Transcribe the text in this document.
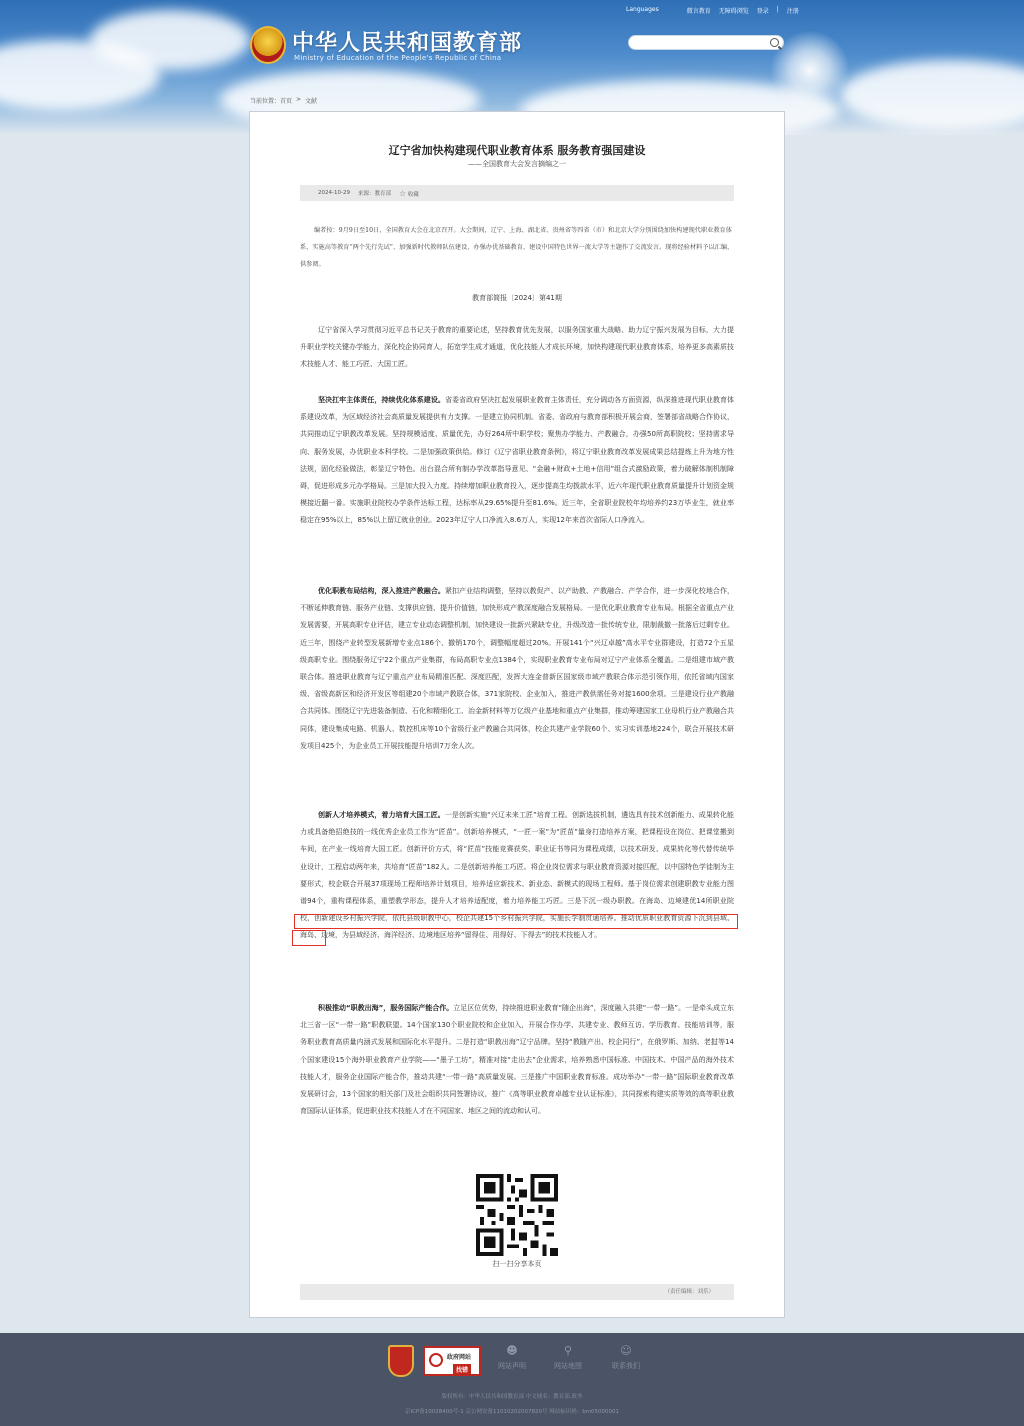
中华人民共和国教育部
Ministry of Education of the People's Republic of China
Languages	微言教育 无障碍浏览 登录 | 注册
当前位置：首页 > 文献
辽宁省加快构建现代职业教育体系 服务教育强国建设
——全国教育大会发言摘编之一
2024-10-29 来源：教育部 ☆ 收藏
编者按：9月9日至10日，全国教育大会在北京召开。大会期间，辽宁、上海、湖北省、贵州省等四省（市）和北京大学分别围绕加快构建现代职业教育体系、实施高等教育“两个先行先试”、加强新时代教师队伍建设、办强办优基础教育、建设中国特色世界一流大学等主题作了交流发言。现将经验材料予以汇编，供参阅。
教育部简报〔2024〕第41期
辽宁省深入学习贯彻习近平总书记关于教育的重要论述，坚持教育优先发展，以服务国家重大战略、助力辽宁振兴发展为目标，大力提升职业学校关键办学能力，深化校企协同育人，拓宽学生成才通道，优化技能人才成长环境，加快构建现代职业教育体系，培养更多高素质技术技能人才、能工巧匠、大国工匠。
坚决扛牢主体责任，持续优化体系建设。省委省政府坚决扛起发展职业教育主体责任，充分调动各方面资源，纵深推进现代职业教育体系建设改革，为区域经济社会高质量发展提供有力支撑。一是建立协同机制。省委、省政府与教育部积极开展会商，签署部省战略合作协议，共同推动辽宁职教改革发展。坚持规模适度、质量优先，办好264所中职学校；聚焦办学能力、产教融合，办强50所高职院校；坚持需求导向、服务发展，办优职业本科学校。二是加强政策供给。修订《辽宁省职业教育条例》，将辽宁职业教育改革发展成果总结提炼上升为地方性法规，固化经验做法，彰显辽宁特色。出台混合所有制办学改革指导意见、“金融+财政+土地+信用”组合式激励政策，着力破解体制机制障碍，促进形成多元办学格局。三是加大投入力度。持续增加职业教育投入，逐步提高生均拨款水平，近六年现代职业教育质量提升计划资金规模接近翻一番。实施职业院校办学条件达标工程，达标率从29.65%提升至81.6%。近三年，全省职业院校年均培养约23万毕业生，就业率稳定在95%以上，85%以上留辽就业创业。2023年辽宁人口净流入8.6万人，实现12年来首次省际人口净流入。
优化职教布局结构，深入推进产教融合。紧扣产业结构调整，坚持以教促产、以产助教、产教融合、产学合作，进一步深化校地合作，不断延伸教育链、服务产业链、支撑供应链、提升价值链，加快形成产教深度融合发展格局。一是优化职业教育专业布局。根据全省重点产业发展需要，开展高职专业评估，建立专业动态调整机制，加快建设一批新兴紧缺专业，升级改造一批传统专业，限制裁撤一批落后过剩专业。近三年，围绕产业转型发展新增专业点186个、撤销170个，调整幅度超过20%。开展141个“兴辽卓越”高水平专业群建设，打造72个五星级高职专业。围绕服务辽宁22个重点产业集群，布局高职专业点1384个，实现职业教育专业布局对辽宁产业体系全覆盖。二是组建市域产教联合体。推进职业教育与辽宁重点产业布局精准匹配、深度匹配，发挥大连金普新区国家级市域产教联合体示范引领作用，依托省域内国家级、省级高新区和经济开发区等组建20个市域产教联合体，371家院校、企业加入，推进产教供需任务对接1600余项。三是建设行业产教融合共同体。围绕辽宁先进装备制造、石化和精细化工、冶金新材料等万亿级产业基地和重点产业集群，推动筹建国家工业母机行业产教融合共同体，建设集成电路、机器人、数控机床等10个省级行业产教融合共同体，校企共建产业学院60个、实习实训基地224个，联合开展技术研发项目425个，为企业员工开展技能提升培训7万余人次。
创新人才培养模式，着力培育大国工匠。一是创新实施“兴辽未来工匠”培育工程。创新选拔机制，遴选具有技术创新能力、成果转化能力或具备绝招绝技的一线优秀企业员工作为“匠苗”。创新培养模式，“一匠一案”为“匠苗”量身打造培养方案，把课程设在岗位、把课堂搬到车间，在产业一线培育大国工匠。创新评价方式，将“匠苗”技能竞赛获奖、职业证书等同为课程成绩，以技术研发、成果转化等代替传统毕业设计，工程启动两年来，共培育“匠苗”182人。二是创新培养能工巧匠。将企业岗位需求与职业教育资源对接匹配，以中国特色学徒制为主要形式，校企联合开展37项现场工程师培养计划项目，培养适应新技术、新业态、新模式的现场工程师。基于岗位需求创建职教专业能力图谱94个，重构课程体系，重塑教学形态，提升人才培养适配度，着力培养能工巧匠。三是下沉一级办职教。在海岛、边境建优14所职业院校，创新建设乡村振兴学院，依托县级职教中心，校企共建15个乡村振兴学院，实施长学制贯通培养。推动优质职业教育资源下沉到县域、海岛、边境，为县域经济、海洋经济、边境地区培养“留得住、用得好、下得去”的技术技能人才。
积极推动“职教出海”，服务国际产能合作。立足区位优势，持续推进职业教育“随企出海”，深度融入共建“一带一路”。一是牵头成立东北三省一区“一带一路”职教联盟。14个国家130个职业院校和企业加入，开展合作办学、共建专业、教师互访、学历教育、技能培训等，服务职业教育高质量内涵式发展和国际化水平提升。二是打造“职教出海”辽宁品牌。坚持“教随产出、校企同行”，在俄罗斯、加纳、老挝等14个国家建设15个海外职业教育产业学院——“墨子工坊”，精准对接“走出去”企业需求，培养熟悉中国标准、中国技术、中国产品的海外技术技能人才，服务企业国际产能合作，推动共建“一带一路”高质量发展。三是推广中国职业教育标准。成功举办“一带一路”国际职业教育改革发展研讨会，13个国家的相关部门及社会组织共同签署协议，推广《高等职业教育卓越专业认证标准》，共同探索构建实质等效的高等职业教育国际认证体系，促进职业技术技能人才在不同国家、地区之间的流动和认可。
扫一扫分享本页
（责任编辑：刘乐）
政府网站
找错
☻
网站声明
⚲
网站地图
☺
联系我们
版权所有：中华人民共和国教育部 中文域名：教育部.政务
京ICP备10028400号-1 京公网安备11010202007820号 网站标识码：bm05000001
